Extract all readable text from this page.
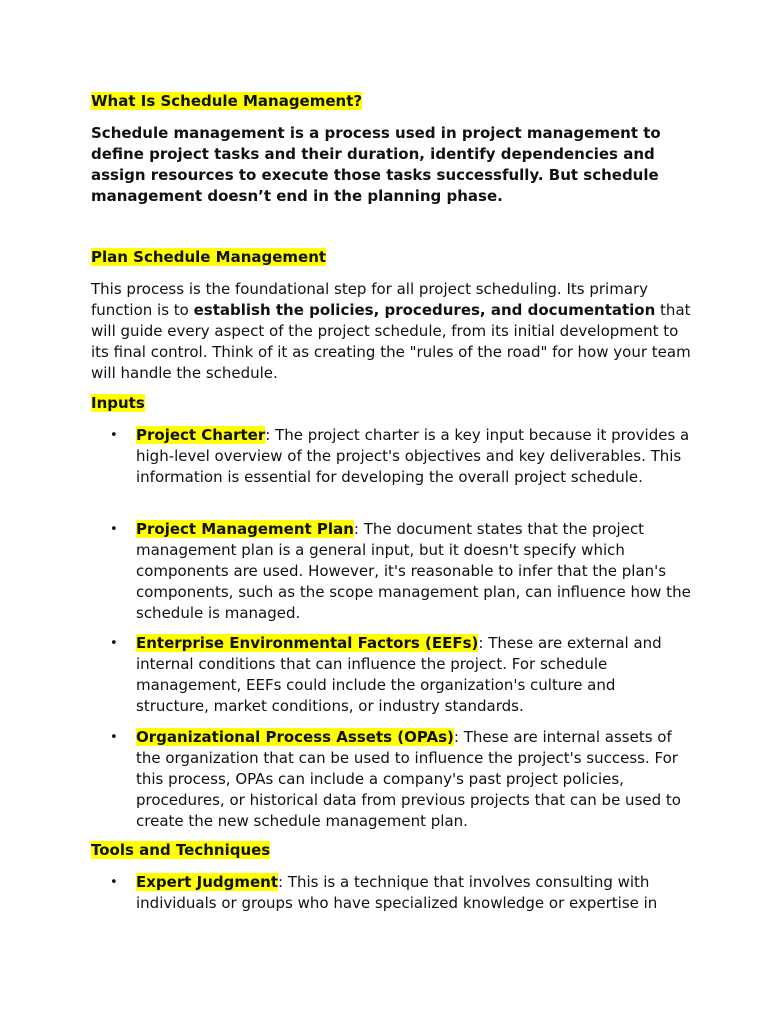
What Is Schedule Management?

Schedule management is a process used in project management to define project tasks and their duration, identify dependencies and assign resources to execute those tasks successfully. But schedule management doesn’t end in the planning phase.

Plan Schedule Management

This process is the foundational step for all project scheduling. Its primary function is to establish the policies, procedures, and documentation that will guide every aspect of the project schedule, from its initial development to its final control. Think of it as creating the "rules of the road" for how your team will handle the schedule.

Inputs

• Project Charter: The project charter is a key input because it provides a high-level overview of the project's objectives and key deliverables. This information is essential for developing the overall project schedule.
• Project Management Plan: The document states that the project management plan is a general input, but it doesn't specify which components are used. However, it's reasonable to infer that the plan's components, such as the scope management plan, can influence how the schedule is managed.
• Enterprise Environmental Factors (EEFs): These are external and internal conditions that can influence the project. For schedule management, EEFs could include the organization's culture and structure, market conditions, or industry standards.
• Organizational Process Assets (OPAs): These are internal assets of the organization that can be used to influence the project's success. For this process, OPAs can include a company's past project policies, procedures, or historical data from previous projects that can be used to create the new schedule management plan.

Tools and Techniques

• Expert Judgment: This is a technique that involves consulting with individuals or groups who have specialized knowledge or expertise in
